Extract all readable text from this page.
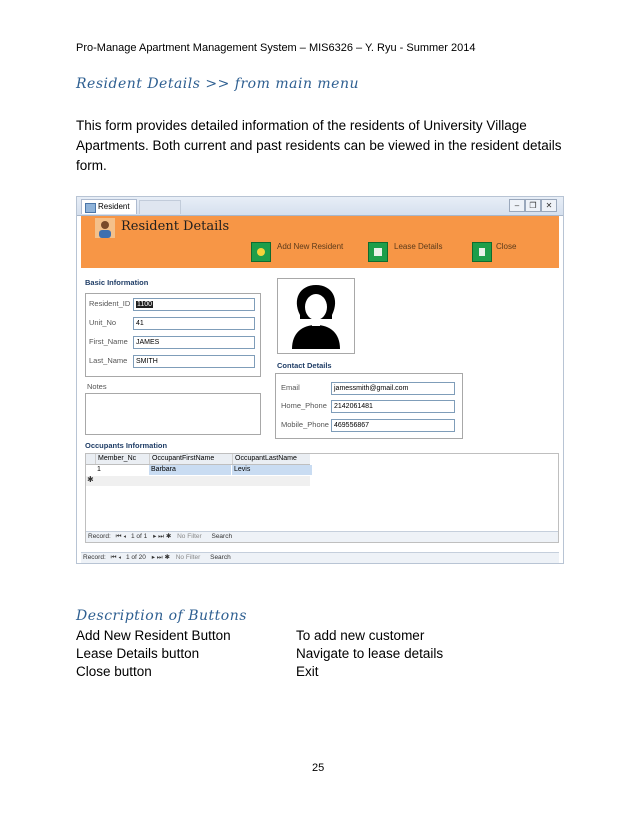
Pro-Manage Apartment Management System – MIS6326 – Y. Ryu - Summer 2014
Resident Details >> from main menu
This form provides detailed information of the residents of University Village Apartments. Both current and past residents can be viewed in the resident details form.
Resident	–	❐	✕
Resident Details
Add New Resident	Lease Details	Close
Basic Information
Resident_ID 1100
Unit_No	41
First_Name	JAMES
Last_Name	SMITH	Contact Details
Email	jamessmith@gmail.com
Home_Phone	2142061481
Mobile_Phone 469556867
Notes
Occupants Information
Member_Nc	OccupantFirstName	OccupantLastName
1	Barbara	Levis
✱
Record: ⏮ ◂ 1 of 1 ▸ ⏭ ✱ No Filter Search
Record: ⏮ ◂ 1 of 20 ▸ ⏭ ✱ No Filter Search
Description of Buttons
Add New Resident Button	To add new customer
Lease Details button	Navigate to lease details
Close button	Exit
25
